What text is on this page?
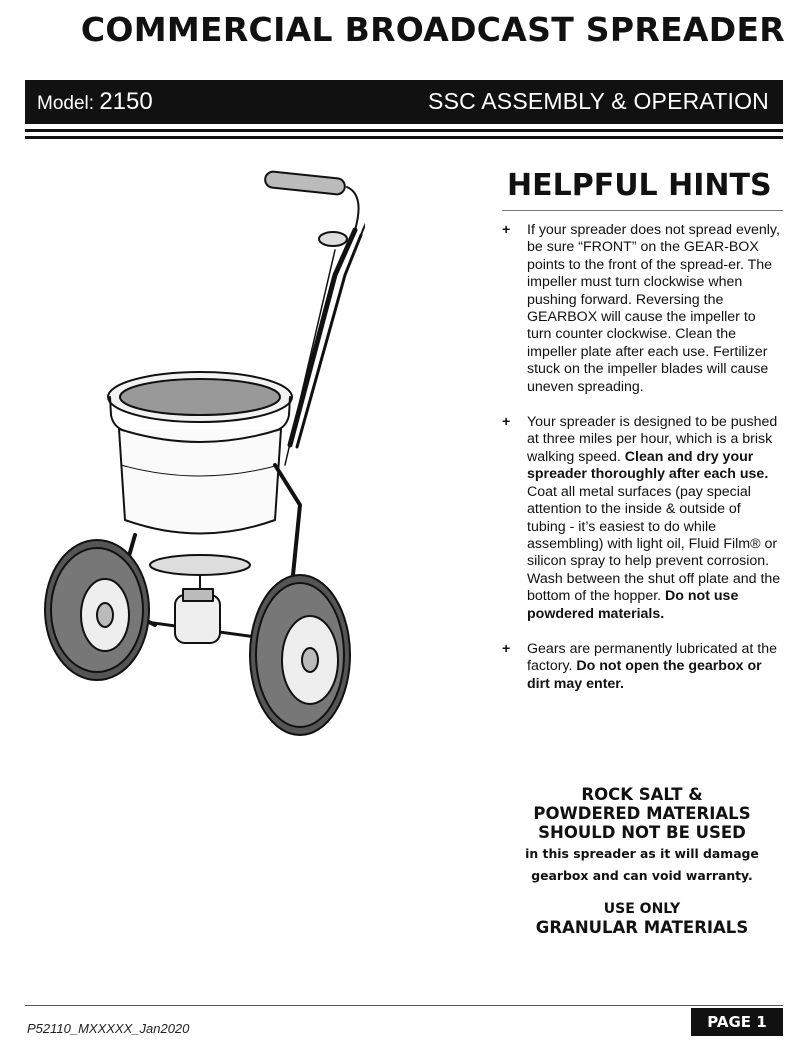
COMMERCIAL BROADCAST SPREADER
Model: 2150	SSC ASSEMBLY & OPERATION
HELPFUL HINTS
+ If your spreader does not spread evenly, be sure “FRONT” on the GEAR-BOX points to the front of the spread-er. The impeller must turn clockwise when pushing forward. Reversing the GEARBOX will cause the impeller to turn counter clockwise. Clean the impeller plate after each use. Fertilizer stuck on the impeller blades will cause uneven spreading.
+ Your spreader is designed to be pushed at three miles per hour, which is a brisk walking speed. Clean and dry your spreader thoroughly after each use. Coat all metal surfaces (pay special attention to the inside & outside of tubing - it’s easiest to do while assembling) with light oil, Fluid Film® or silicon spray to help prevent corrosion. Wash between the shut off plate and the bottom of the hopper. Do not use powdered materials.
+ Gears are permanently lubricated at the factory. Do not open the gearbox or dirt may enter.
ROCK SALT &
POWDERED MATERIALS
SHOULD NOT BE USED
in this spreader as it will damage
gearbox and can void warranty.
USE ONLY
GRANULAR MATERIALS
P52110_MXXXXX_Jan2020	PAGE 1
